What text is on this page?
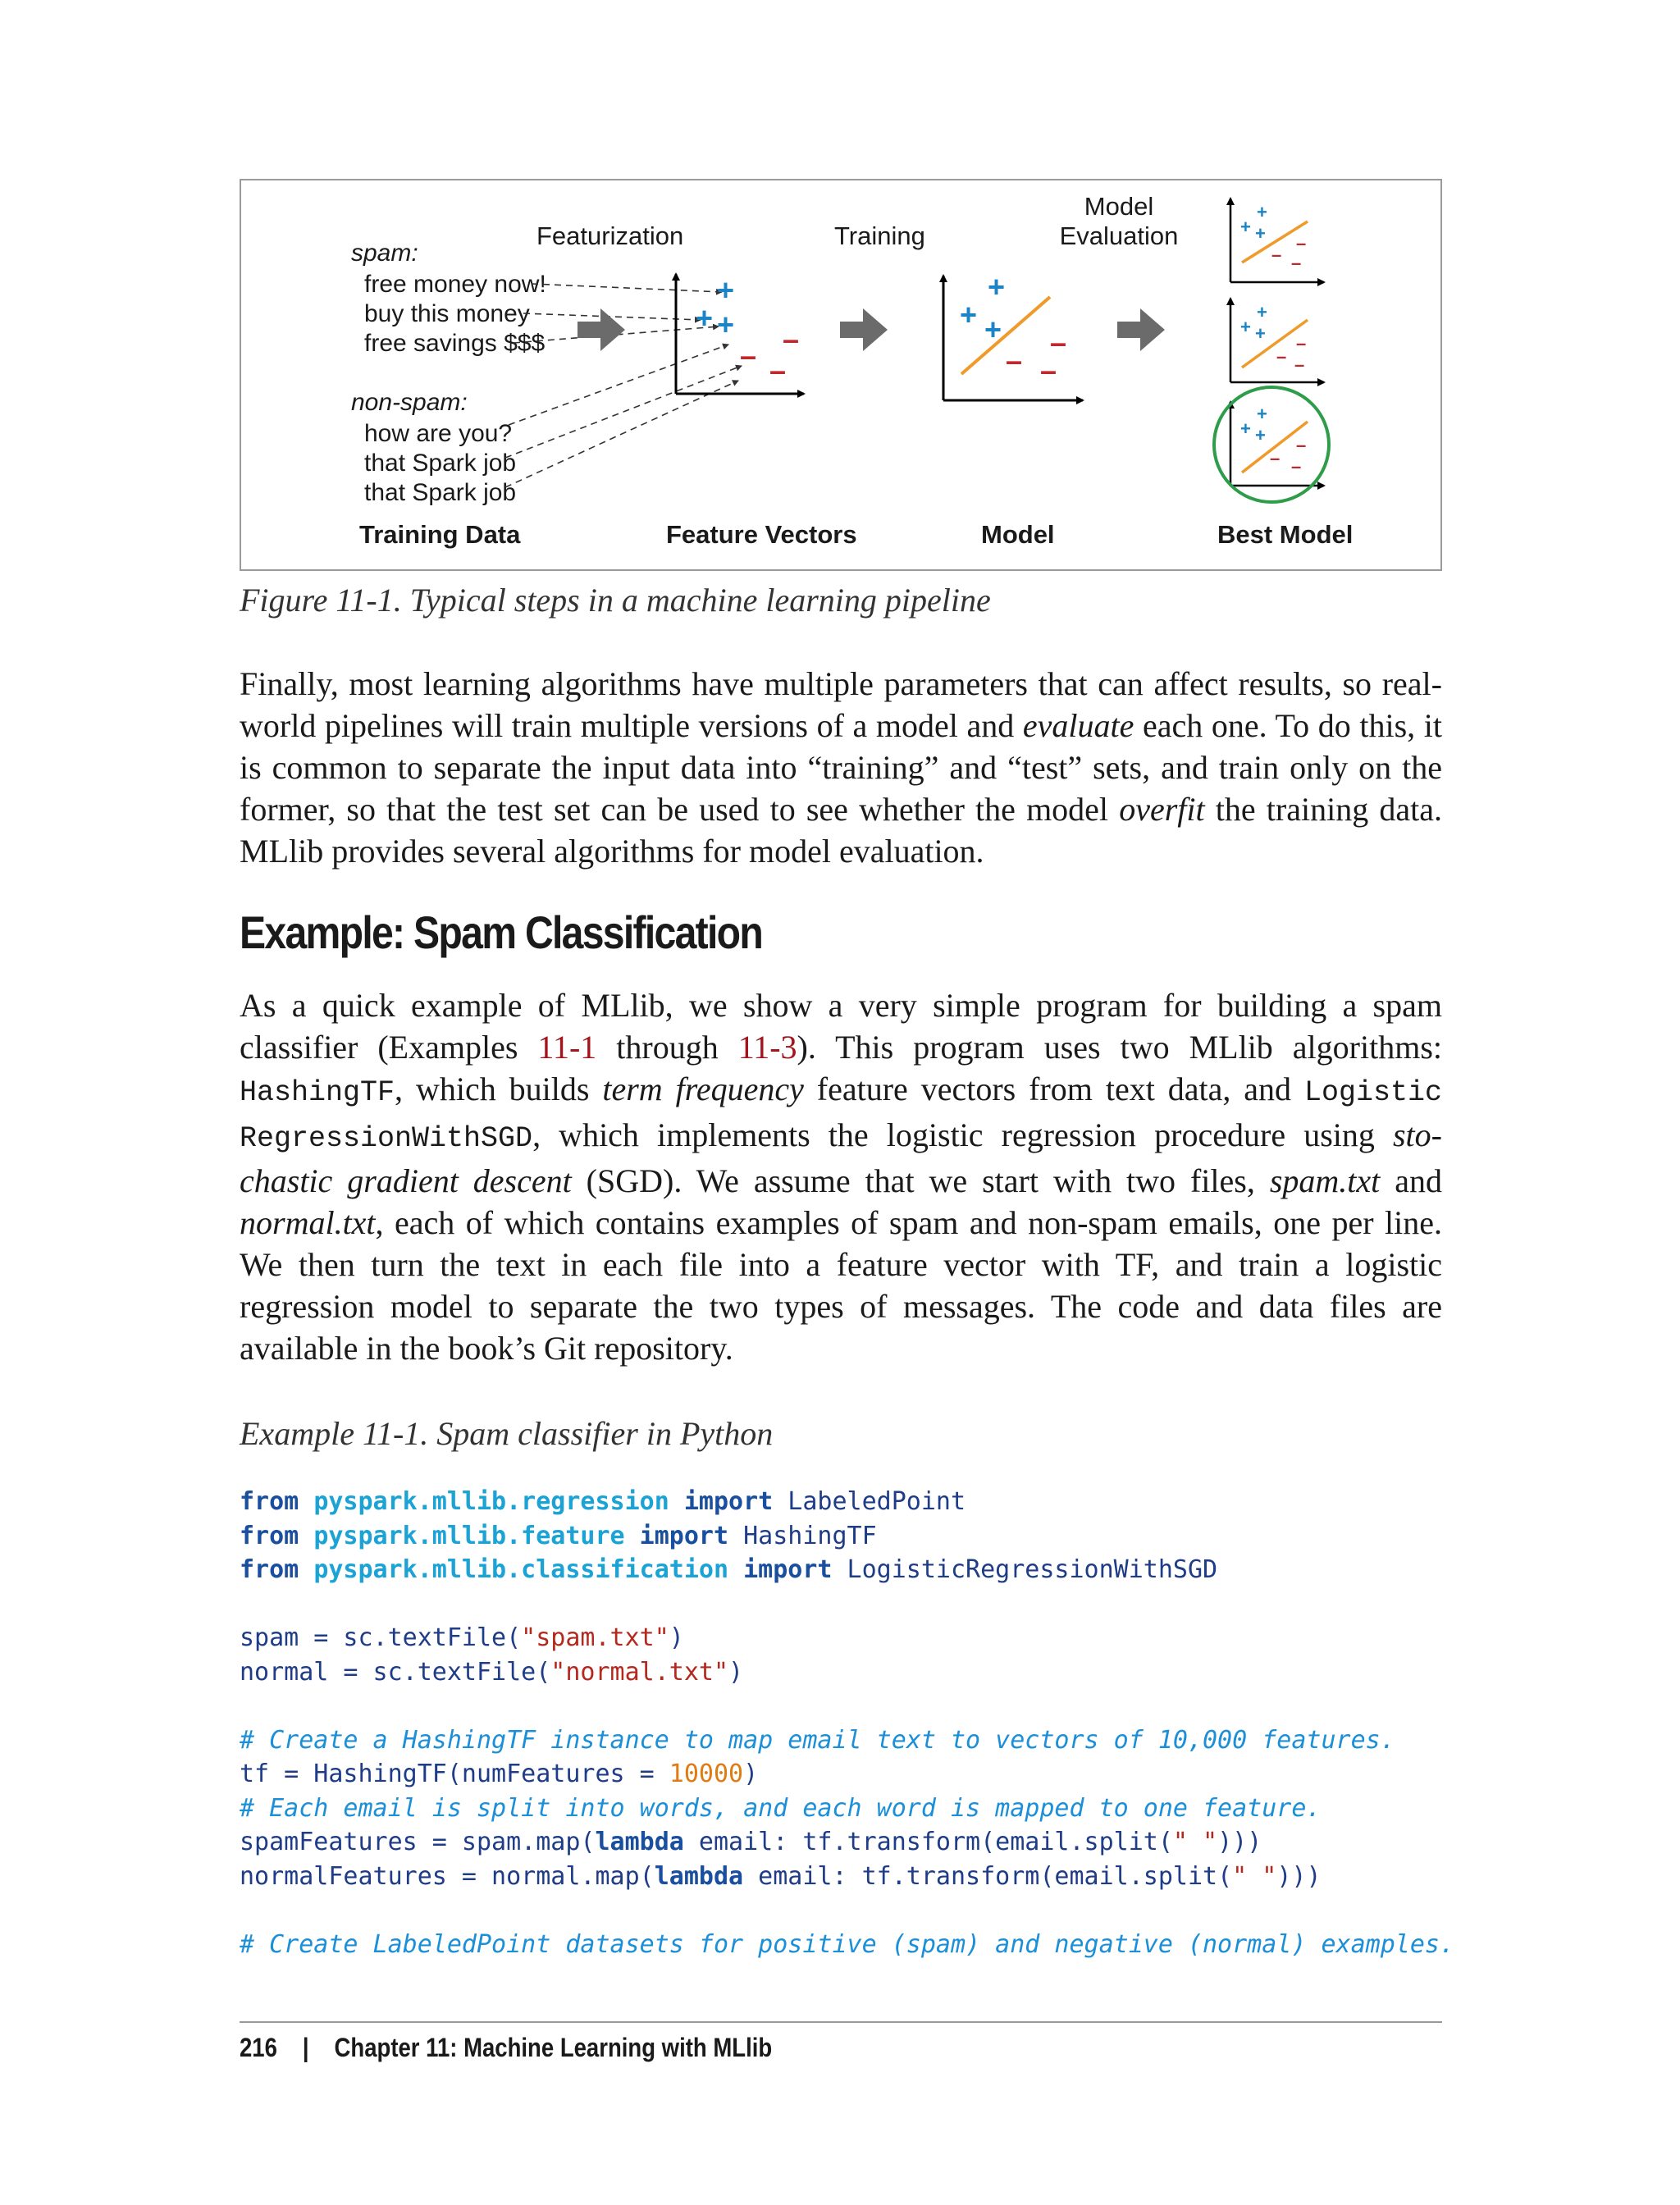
Featurization	Training
Model
Evaluation
spam:
free money now!
buy this money
free savings $$$
non-spam:
how are you?
that Spark job
that Spark job
+
+ + –
– –
+
+ + –
– –
+
+ + –
– –
+
+ + –
– –
+
+ + –
– –
Training Data	Feature Vectors	Model	Best Model
Figure 11-1. Typical steps in a machine learning pipeline

Finally, most learning algorithms have multiple parameters that can affect results, so real-world pipelines will train multiple versions of a model and evaluate each one. To do this, it is common to separate the input data into “training” and “test” sets, and train only on the former, so that the test set can be used to see whether the model overfit the training data. MLlib provides several algorithms for model evaluation.

Example: Spam Classification

As a quick example of MLlib, we show a very simple program for building a spam classifier (Examples 11-1 through 11-3). This program uses two MLlib algorithms: HashingTF, which builds term frequency feature vectors from text data, and Logistic RegressionWithSGD, which implements the logistic regression procedure using stochastic gradient descent (SGD). We assume that we start with two files, spam.txt and normal.txt, each of which contains examples of spam and non-spam emails, one per line. We then turn the text in each file into a feature vector with TF, and train a logistic regression model to separate the two types of messages. The code and data files are available in the book’s Git repository.

Example 11-1. Spam classifier in Python
from pyspark.mllib.regression import LabeledPoint
from pyspark.mllib.feature import HashingTF
from pyspark.mllib.classification import LogisticRegressionWithSGD
spam = sc.textFile("spam.txt")
normal = sc.textFile("normal.txt")
# Create a HashingTF instance to map email text to vectors of 10,000 features.
tf = HashingTF(numFeatures = 10000)
# Each email is split into words, and each word is mapped to one feature.
spamFeatures = spam.map(lambda email: tf.transform(email.split(" ")))
normalFeatures = normal.map(lambda email: tf.transform(email.split(" ")))
# Create LabeledPoint datasets for positive (spam) and negative (normal) examples.
216 | Chapter 11: Machine Learning with MLlib
